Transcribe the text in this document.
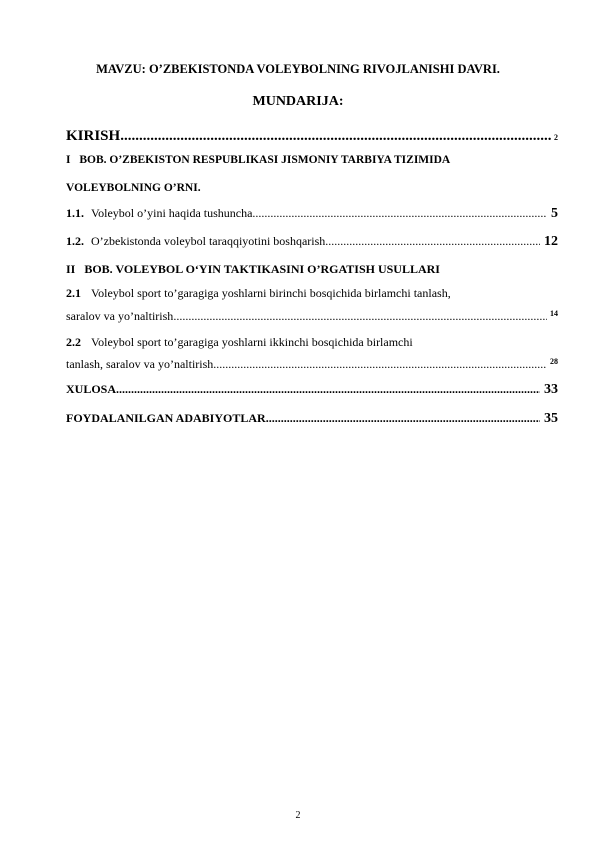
MAVZU: O’ZBEKISTONDA VOLEYBOLNING RIVOJLANISHI DAVRI.
MUNDARIJA:
KIRISH .....	2
I BOB. O’ZBEKISTON RESPUBLIKASI JISMONIY TARBIYA TIZIMIDA
VOLEYBOLNING O’RNI.
1.1. Voleybol o’yini haqida tushuncha .....	5
1.2. O’zbekistonda voleybol taraqqiyotini boshqarish .....	12
II BOB. VOLEYBOL O‘YIN TAKTIKASINI O’RGATISH USULLARI
2.1 Voleybol sport to’garagiga yoshlarni birinchi bosqichida birlamchi tanlash,
saralov va yo’naltirish .....	14
2.2 Voleybol sport to’garagiga yoshlarni ikkinchi bosqichida birlamchi
tanlash, saralov va yo’naltirish .....	28
XULOSA .....	33
FOYDALANILGAN ADABIYOTLAR .....	35
2
